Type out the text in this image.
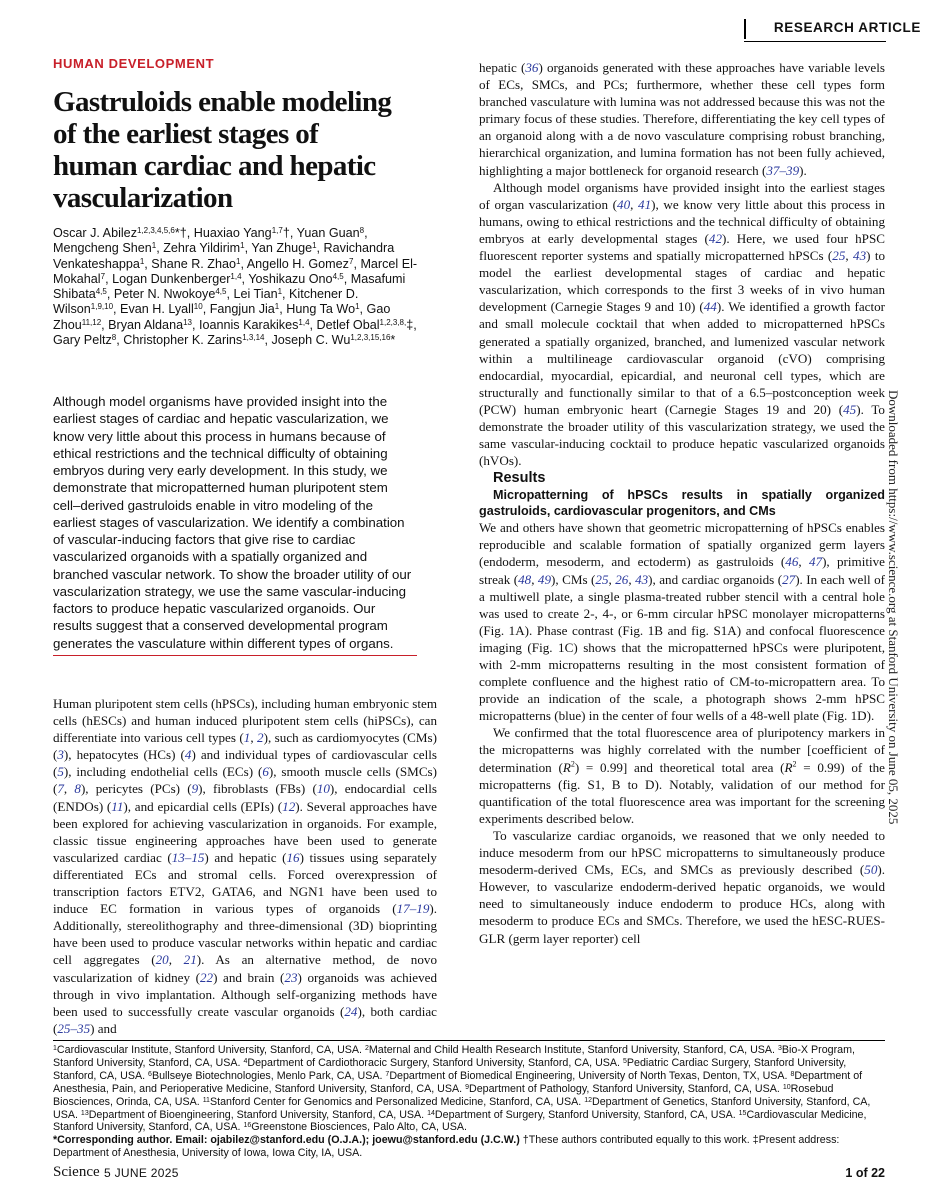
RESEARCH ARTICLE
HUMAN DEVELOPMENT
Gastruloids enable modeling of the earliest stages of human cardiac and hepatic vascularization
Oscar J. Abilez$^{1,2,3,4,5,6}$*†, Huaxiao Yang$^{1,7}$†, Yuan Guan$^8$, Mengcheng Shen$^1$, Zehra Yildirim$^1$, Yan Zhuge$^1$, Ravichandra Venkateshappa$^1$, Shane R. Zhao$^1$, Angello H. Gomez$^7$, Marcel El-Mokahal$^7$, Logan Dunkenberger$^{1,4}$, Yoshikazu Ono$^{4,5}$, Masafumi Shibata$^{4,5}$, Peter N. Nwokoye$^{4,5}$, Lei Tian$^1$, Kitchener D. Wilson$^{1,9,10}$, Evan H. Lyall$^{10}$, Fangjun Jia$^1$, Hung Ta Wo$^1$, Gao Zhou$^{11,12}$, Bryan Aldana$^{13}$, Ioannis Karakikes$^{1,4}$, Detlef Obal$^{1,2,3,8,}$‡, Gary Peltz$^8$, Christopher K. Zarins$^{1,3,14}$, Joseph C. Wu$^{1,2,3,15,16}$*
Although model organisms have provided insight into the earliest stages of cardiac and hepatic vascularization, we know very little about this process in humans because of ethical restrictions and the technical difficulty of obtaining embryos during very early development. In this study, we demonstrate that micropatterned human pluripotent stem cell–derived gastruloids enable in vitro modeling of the earliest stages of vascularization. We identify a combination of vascular-inducing factors that give rise to cardiac vascularized organoids with a spatially organized and branched vascular network. To show the broader utility of our vascularization strategy, we use the same vascular-inducing factors to produce hepatic vascularized organoids. Our results suggest that a conserved developmental program generates the vasculature within different types of organs.

Human pluripotent stem cells (hPSCs), including human embryonic stem cells (hESCs) and human induced pluripotent stem cells (hiPSCs), can differentiate into various cell types (1, 2), such as cardiomyocytes (CMs) (3), hepatocytes (HCs) (4) and individual types of cardiovascular cells (5), including endothelial cells (ECs) (6), smooth muscle cells (SMCs) (7, 8), pericytes (PCs) (9), fibroblasts (FBs) (10), endocardial cells (ENDOs) (11), and epicardial cells (EPIs) (12). Several approaches have been explored for achieving vascularization in organoids. For example, classic tissue engineering approaches have been used to generate vascularized cardiac (13–15) and hepatic (16) tissues using separately differentiated ECs and stromal cells. Forced overexpression of transcription factors ETV2, GATA6, and NGN1 have been used to induce EC formation in various types of organoids (17–19). Additionally, stereolithography and three-dimensional (3D) bioprinting have been used to produce vascular networks within hepatic and cardiac cell aggregates (20, 21). As an alternative method, de novo vascularization of kidney (22) and brain (23) organoids was achieved through in vivo implantation. Although self-organizing methods have been used to successfully create vascular organoids (24), both cardiac (25–35) and

hepatic (36) organoids generated with these approaches have variable levels of ECs, SMCs, and PCs; furthermore, whether these cell types form branched vasculature with lumina was not addressed because this was not the primary focus of these studies. Therefore, differentiating the key cell types of an organoid along with a de novo vasculature comprising robust branching, hierarchical organization, and lumina formation has not been fully achieved, highlighting a major bottleneck for organoid research (37–39).

Although model organisms have provided insight into the earliest stages of organ vascularization (40, 41), we know very little about this process in humans, owing to ethical restrictions and the technical difficulty of obtaining embryos at early developmental stages (42). Here, we used four hPSC fluorescent reporter systems and spatially micropatterned hPSCs (25, 43) to model the earliest developmental stages of cardiac and hepatic vascularization, which corresponds to the first 3 weeks of in vivo human development (Carnegie Stages 9 and 10) (44). We identified a growth factor and small molecule cocktail that when added to micropatterned hPSCs generated a spatially organized, branched, and lumenized vascular network within a multilineage cardiovascular organoid (cVO) comprising endocardial, myocardial, epicardial, and neuronal cell types, which are structurally and functionally similar to that of a 6.5–postconception week (PCW) human embryonic heart (Carnegie Stages 19 and 20) (45). To demonstrate the broader utility of this vascularization strategy, we used the same vascular-inducing cocktail to produce hepatic vascularized organoids (hVOs).

Results

Micropatterning of hPSCs results in spatially organized gastruloids, cardiovascular progenitors, and CMs

We and others have shown that geometric micropatterning of hPSCs enables reproducible and scalable formation of spatially organized germ layers (endoderm, mesoderm, and ectoderm) as gastruloids (46, 47), primitive streak (48, 49), CMs (25, 26, 43), and cardiac organoids (27). In each well of a multiwell plate, a single plasma-treated rubber stencil with a central hole was used to create 2-, 4-, or 6-mm circular hPSC monolayer micropatterns (Fig. 1A). Phase contrast (Fig. 1B and fig. S1A) and confocal fluorescence imaging (Fig. 1C) shows that the micropatterned hPSCs were pluripotent, with 2-mm micropatterns resulting in the most consistent formation of complete confluence and the highest ratio of CM-to-micropattern area. To provide an indication of the scale, a photograph shows 2-mm hPSC micropatterns (blue) in the center of four wells of a 48-well plate (Fig. 1D).

We confirmed that the total fluorescence area of pluripotency markers in the micropatterns was highly correlated with the number [coefficient of determination $(R^2) = 0.99$] and theoretical total area $(R^2 = 0.99)$ of the micropatterns (fig. S1, B to D). Notably, validation of our method for quantification of the total fluorescence area was important for the screening experiments described below.

To vascularize cardiac organoids, we reasoned that we only needed to induce mesoderm from our hPSC micropatterns to simultaneously produce mesoderm-derived CMs, ECs, and SMCs as previously described (50). However, to vascularize endoderm-derived hepatic organoids, we would need to simultaneously induce endoderm to produce HCs, along with mesoderm to produce ECs and SMCs. Therefore, we used the hESC-RUES-GLR (germ layer reporter) cell

Downloaded from https://www.science.org at Stanford University on June 05, 2025
$^1$Cardiovascular Institute, Stanford University, Stanford, CA, USA. $^2$Maternal and Child Health Research Institute, Stanford University, Stanford, CA, USA. $^3$Bio-X Program, Stanford University, Stanford, CA, USA. $^4$Department of Cardiothoracic Surgery, Stanford University, Stanford, CA, USA. $^5$Pediatric Cardiac Surgery, Stanford University, Stanford, CA, USA. $^6$Bullseye Biotechnologies, Menlo Park, CA, USA. $^7$Department of Biomedical Engineering, University of North Texas, Denton, TX, USA. $^8$Department of Anesthesia, Pain, and Perioperative Medicine, Stanford University, Stanford, CA, USA. $^9$Department of Pathology, Stanford University, Stanford, CA, USA. $^{10}$Rosebud Biosciences, Orinda, CA, USA. $^{11}$Stanford Center for Genomics and Personalized Medicine, Stanford, CA, USA. $^{12}$Department of Genetics, Stanford University, Stanford, CA, USA. $^{13}$Department of Bioengineering, Stanford University, Stanford, CA, USA. $^{14}$Department of Surgery, Stanford University, Stanford, CA, USA. $^{15}$Cardiovascular Medicine, Stanford University, Stanford, CA, USA. $^{16}$Greenstone Biosciences, Palo Alto, CA, USA.
*Corresponding author. Email: ojabilez@stanford.edu (O.J.A.); joewu@stanford.edu (J.C.W.) †These authors contributed equally to this work. ‡Present address: Department of Anesthesia, University of Iowa, Iowa City, IA, USA.
Science 5 JUNE 2025	1 of 22
